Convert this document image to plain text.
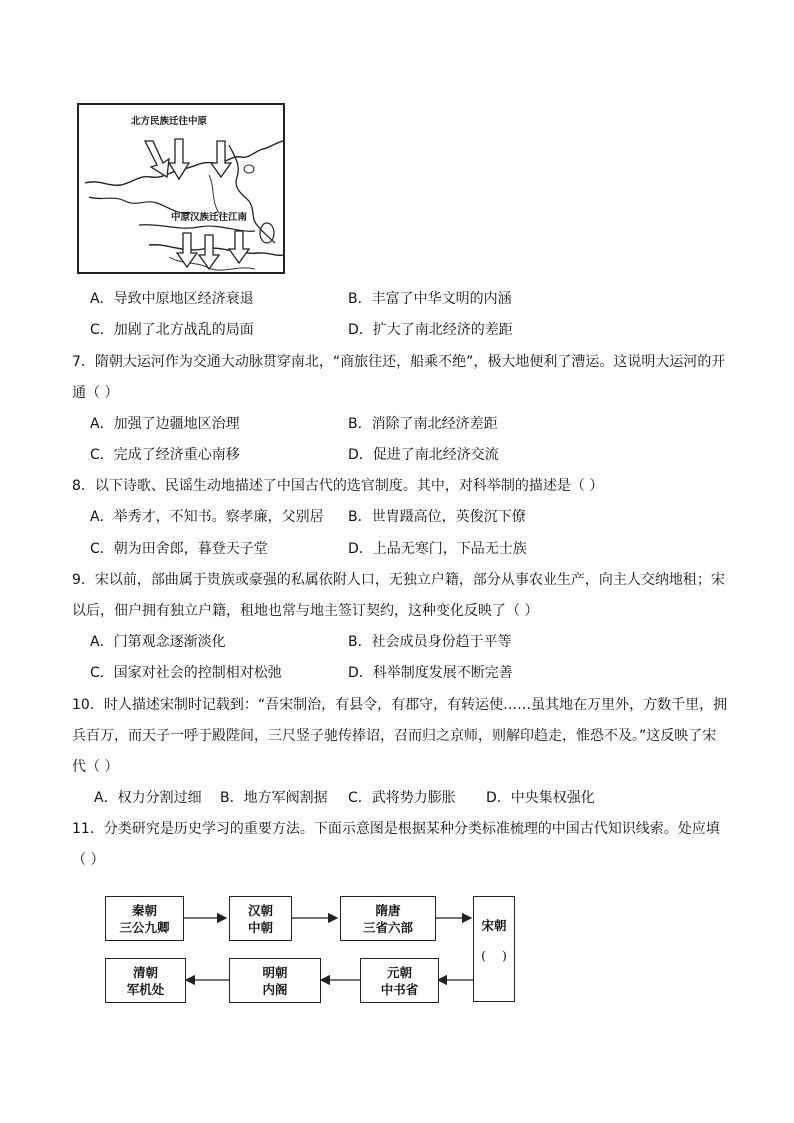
北方民族迁往中原
中原汉族迁往江南
A．导致中原地区经济衰退	B．丰富了中华文明的内涵
C．加剧了北方战乱的局面	D．扩大了南北经济的差距
7．隋朝大运河作为交通大动脉贯穿南北，“商旅往还，船乘不绝”，极大地便利了漕运。这说明大运河的开
通（ ）
A．加强了边疆地区治理	B．消除了南北经济差距
C．完成了经济重心南移	D．促进了南北经济交流
8．以下诗歌、民谣生动地描述了中国古代的选官制度。其中，对科举制的描述是（ ）
A．举秀才，不知书。察孝廉，父别居 B．世胄蹑高位，英俊沉下僚
C．朝为田舍郎，暮登天子堂	D．上品无寒门，下品无士族
9．宋以前，部曲属于贵族或豪强的私属依附人口，无独立户籍，部分从事农业生产，向主人交纳地租；宋
以后，佃户拥有独立户籍，租地也常与地主签订契约，这种变化反映了（ ）
A．门第观念逐渐淡化	B．社会成员身份趋于平等
C．国家对社会的控制相对松弛	D．科举制度发展不断完善
10．时人描述宋制时记载到：“吾宋制治，有县令，有郡守，有转运使……虽其地在万里外，方数千里，拥
兵百万，而天子一呼于殿陛间，三尺竖子驰传捧诏，召而归之京师，则解印趋走，惟恐不及。”这反映了宋
代（ ）
A．权力分割过细 B．地方军阀割据 C．武将势力膨胀 D．中央集权强化
11．分类研究是历史学习的重要方法。下面示意图是根据某种分类标准梳理的中国古代知识线索。处应填
（ ）
秦朝
三公九卿
汉朝
中朝
隋唐
三省六部	宋朝
(    )
元朝
中书省
明朝
内阁
清朝
军机处
